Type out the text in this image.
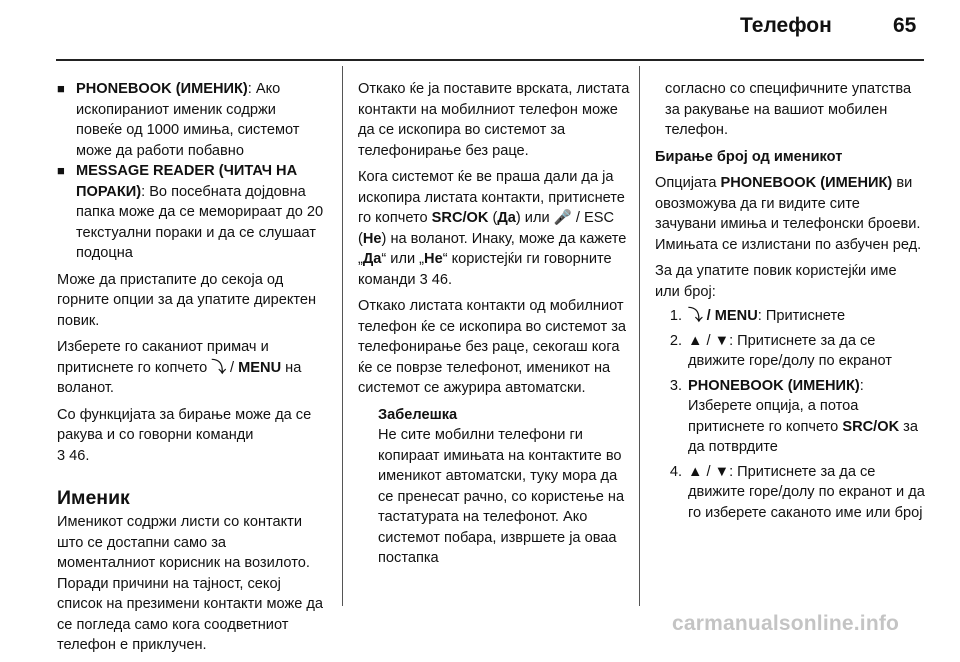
Телефон	65
■ PHONEBOOK (ИМЕНИК): Ако ископираниот именик содржи повеќе од 1000 имиња, системот може да работи побавно
■ MESSAGE READER (ЧИТАЧ НА ПОРАКИ): Во посебната дојдовна папка може да се меморираат до 20 текстуални пораки и да се слушаат подоцна

Може да пристапите до секоја од горните опции за да упатите директен повик.

Изберете го саканиот примач и притиснете го копчето ⤵ / MENU на воланот.

Со функцијата за бирање може да се ракува и со говорни команди
3 46.

Именик

Именикот содржи листи со контакти што се достапни само за моменталниот корисник на возилото. Поради причини на тајност, секој список на презимени контакти може да се погледа само кога соодветниот телефон е приклучен.

Откако ќе ја поставите врската, листата контакти на мобилниот телефон може да се ископира во системот за телефонирање без раце.

Кога системот ќе ве праша дали да ја ископира листата контакти, притиснете го копчето SRC/OK (Да) или 🎤 / ESC (Не) на воланот. Инаку, може да кажете „Да“ или „Не“ користејќи ги говорните команди 3 46.

Откако листата контакти од мобилниот телефон ќе се ископира во системот за телефонирање без раце, секогаш кога ќе се поврзе телефонот, именикот на системот се ажурира автоматски.

Забелешка
Не сите мобилни телефони ги копираат имињата на контактите во именикот автоматски, туку мора да се пренесат рачно, со користење на тастатурата на телефонот. Ако системот побара, извршете ја оваа постапка

согласно со специфичните упатства за ракување на вашиот мобилен телефон.

Бирање број од именикот

Опцијата PHONEBOOK (ИМЕНИК) ви овозможува да ги видите сите зачувани имиња и телефонски броеви. Имињата се излистани по азбучен ред.

За да упатите повик користејќи име или број:

1. ⤵ / MENU: Притиснете
2. ▲ / ▼: Притиснете за да се движите горе/долу по екранот
3. PHONEBOOK (ИМЕНИК): Изберете опција, а потоа притиснете го копчето SRC/OK за да потврдите
4. ▲ / ▼: Притиснете за да се движите горе/долу по екранот и да го изберете саканото име или број
carmanualsonline.info
